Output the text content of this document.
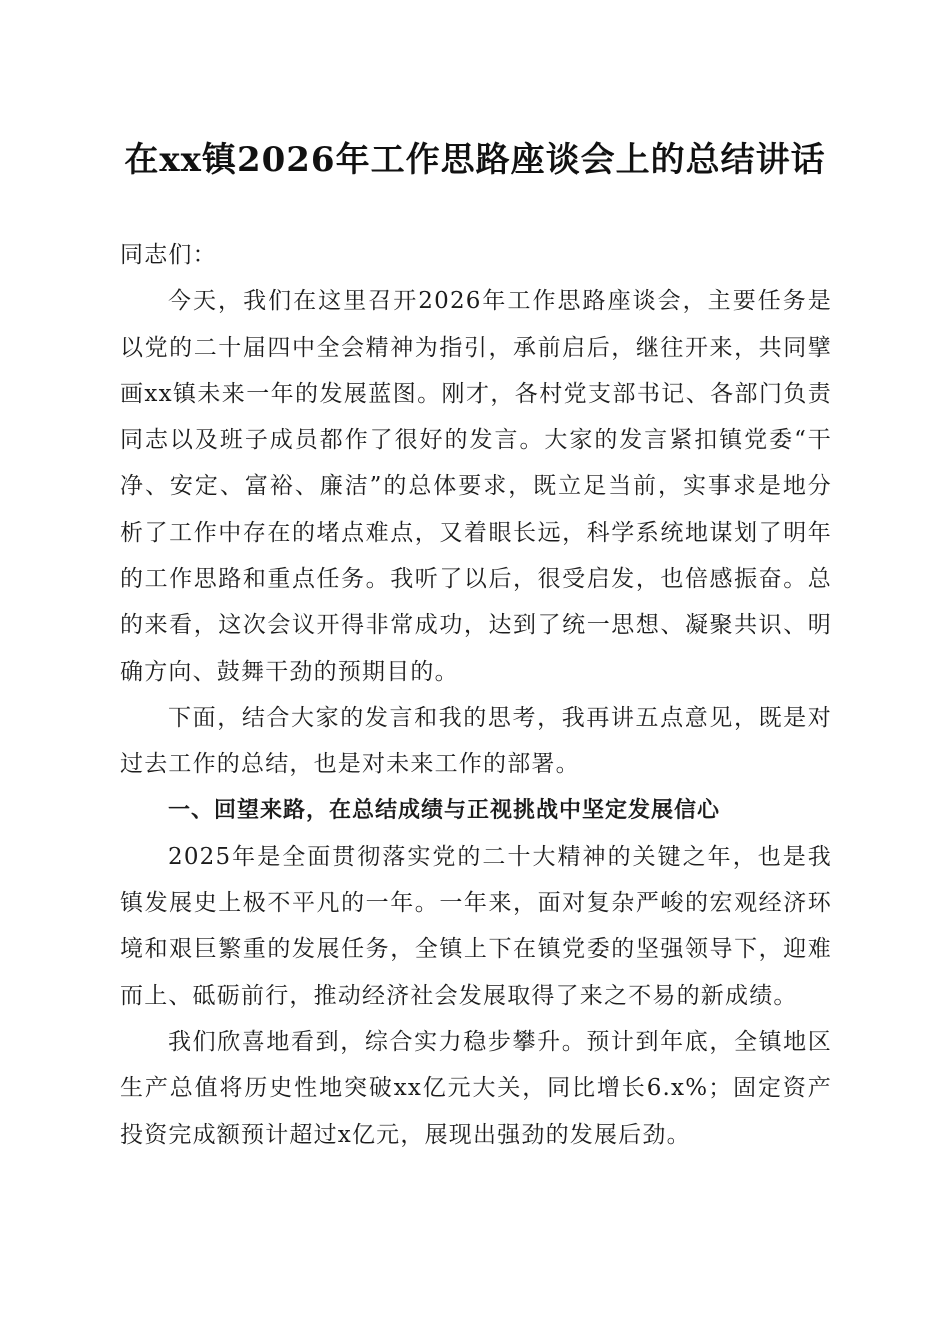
在xx镇2026年工作思路座谈会上的总结讲话

同志们：

今天，我们在这里召开2026年工作思路座谈会，主要任务是以党的二十届四中全会精神为指引，承前启后，继往开来，共同擘画xx镇未来一年的发展蓝图。刚才，各村党支部书记、各部门负责同志以及班子成员都作了很好的发言。大家的发言紧扣镇党委“干净、安定、富裕、廉洁”的总体要求，既立足当前，实事求是地分析了工作中存在的堵点难点，又着眼长远，科学系统地谋划了明年的工作思路和重点任务。我听了以后，很受启发，也倍感振奋。总的来看，这次会议开得非常成功，达到了统一思想、凝聚共识、明确方向、鼓舞干劲的预期目的。

下面，结合大家的发言和我的思考，我再讲五点意见，既是对过去工作的总结，也是对未来工作的部署。

一、回望来路，在总结成绩与正视挑战中坚定发展信心

2025年是全面贯彻落实党的二十大精神的关键之年，也是我镇发展史上极不平凡的一年。一年来，面对复杂严峻的宏观经济环境和艰巨繁重的发展任务，全镇上下在镇党委的坚强领导下，迎难而上、砥砺前行，推动经济社会发展取得了来之不易的新成绩。

我们欣喜地看到，综合实力稳步攀升。预计到年底，全镇地区生产总值将历史性地突破xx亿元大关，同比增长6.x%；固定资产投资完成额预计超过x亿元，展现出强劲的发展后劲。
